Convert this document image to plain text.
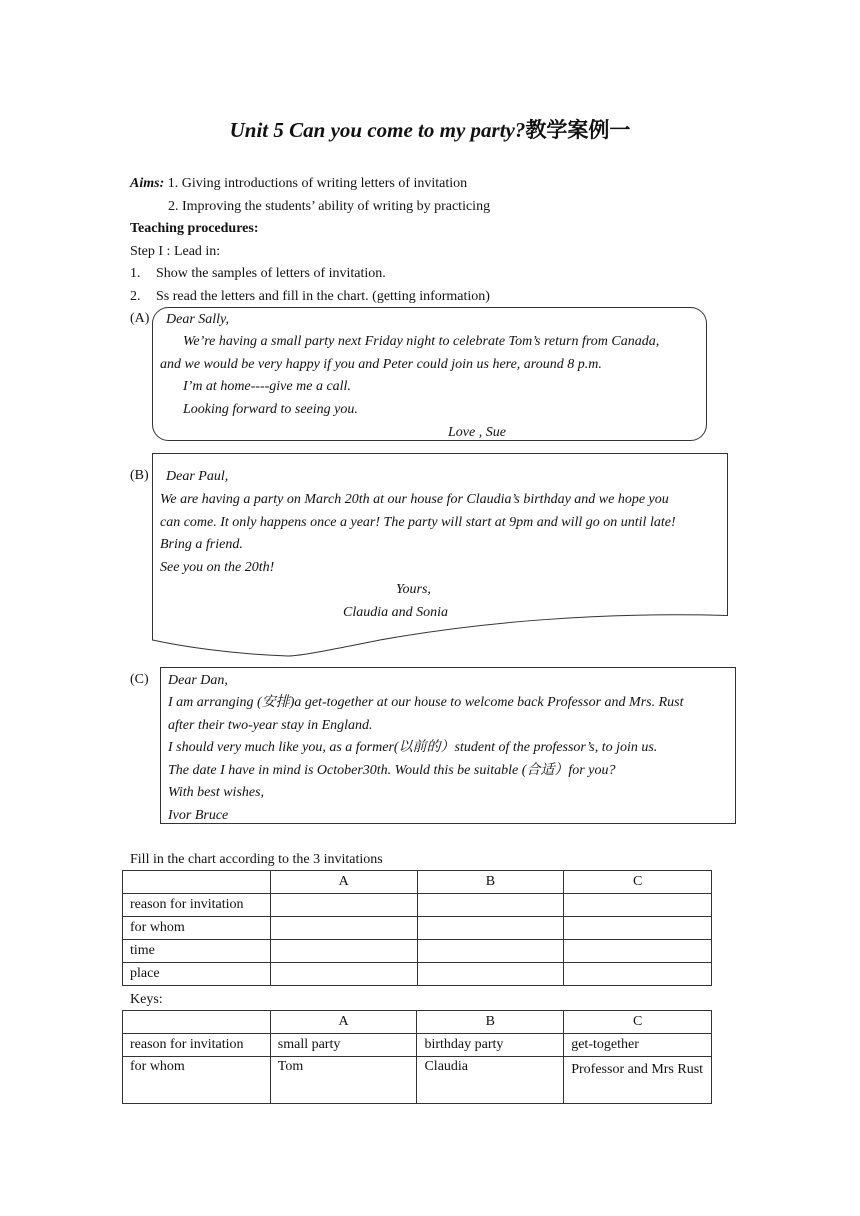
Unit 5 Can you come to my party?教学案例一
Aims: 1. Giving introductions of writing letters of invitation
2. Improving the students’ ability of writing by practicing
Teaching procedures:
Step I : Lead in:
1. Show the samples of letters of invitation.
2. Ss read the letters and fill in the chart. (getting information)
(A) Dear Sally,
We’re having a small party next Friday night to celebrate Tom’s return from Canada,
and we would be very happy if you and Peter could join us here, around 8 p.m.
I’m at home----give me a call.
Looking forward to seeing you.
Love , Sue
(B) Dear Paul,
We are having a party on March 20th at our house for Claudia’s birthday and we hope you
can come. It only happens once a year! The party will start at 9pm and will go on until late!
Bring a friend.
See you on the 20th!
Yours,
Claudia and Sonia
(C) Dear Dan,
I am arranging (安排)a get-together at our house to welcome back Professor and Mrs. Rust
after their two-year stay in England.
I should very much like you, as a former(以前的）student of the professor’s, to join us.
The date I have in mind is October30th. Would this be suitable (合适）for you?
With best wishes,
Ivor Bruce
Fill in the chart according to the 3 invitations
	A	B	C
reason for invitation			
for whom			
time			
place			
Keys:
	A	B	C
reason for invitation	small party	birthday party	get-together
for whom	Tom	Claudia	Professor and Mrs Rust
